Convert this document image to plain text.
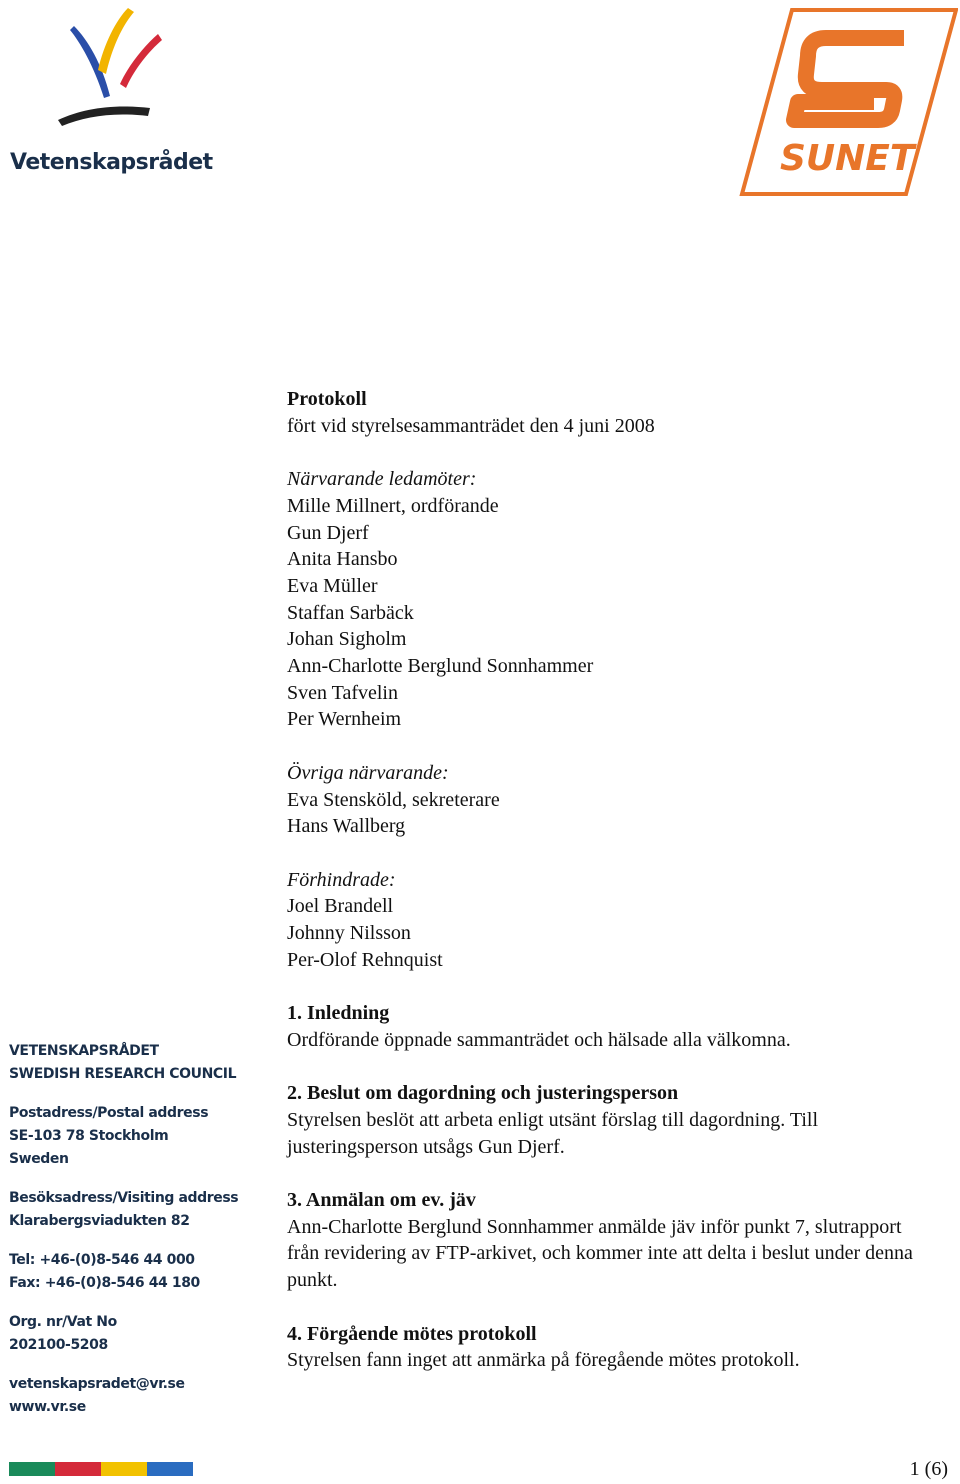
Vetenskapsrådet	SUNET

Protokoll

fört vid styrelsesammanträdet den 4 juni 2008

Närvarande ledamöter:

Mille Millnert, ordförande

Gun Djerf

Anita Hansbo

Eva Müller

Staffan Sarbäck

Johan Sigholm

Ann-Charlotte Berglund Sonnhammer

Sven Tafvelin

Per Wernheim

Övriga närvarande:

Eva Stensköld, sekreterare

Hans Wallberg

Förhindrade:

Joel Brandell

Johnny Nilsson

Per-Olof Rehnquist

1. Inledning

Ordförande öppnade sammanträdet och hälsade alla välkomna.

2. Beslut om dagordning och justeringsperson

Styrelsen beslöt att arbeta enligt utsänt förslag till dagordning. Till justeringsperson utsågs Gun Djerf.

3. Anmälan om ev. jäv

Ann-Charlotte Berglund Sonnhammer anmälde jäv inför punkt 7, slutrapport från revidering av FTP-arkivet, och kommer inte att delta i beslut under denna punkt.

4. Förgående mötes protokoll

Styrelsen fann inget att anmärka på föregående mötes protokoll.

VETENSKAPSRÅDET
SWEDISH RESEARCH COUNCIL
Postadress/Postal address
SE-103 78 Stockholm
Sweden
Besöksadress/Visiting address
Klarabergsviadukten 82
Tel: +46-(0)8-546 44 000
Fax: +46-(0)8-546 44 180
Org. nr/Vat No
202100-5208
vetenskapsradet@vr.se
www.vr.se
1 (6)
